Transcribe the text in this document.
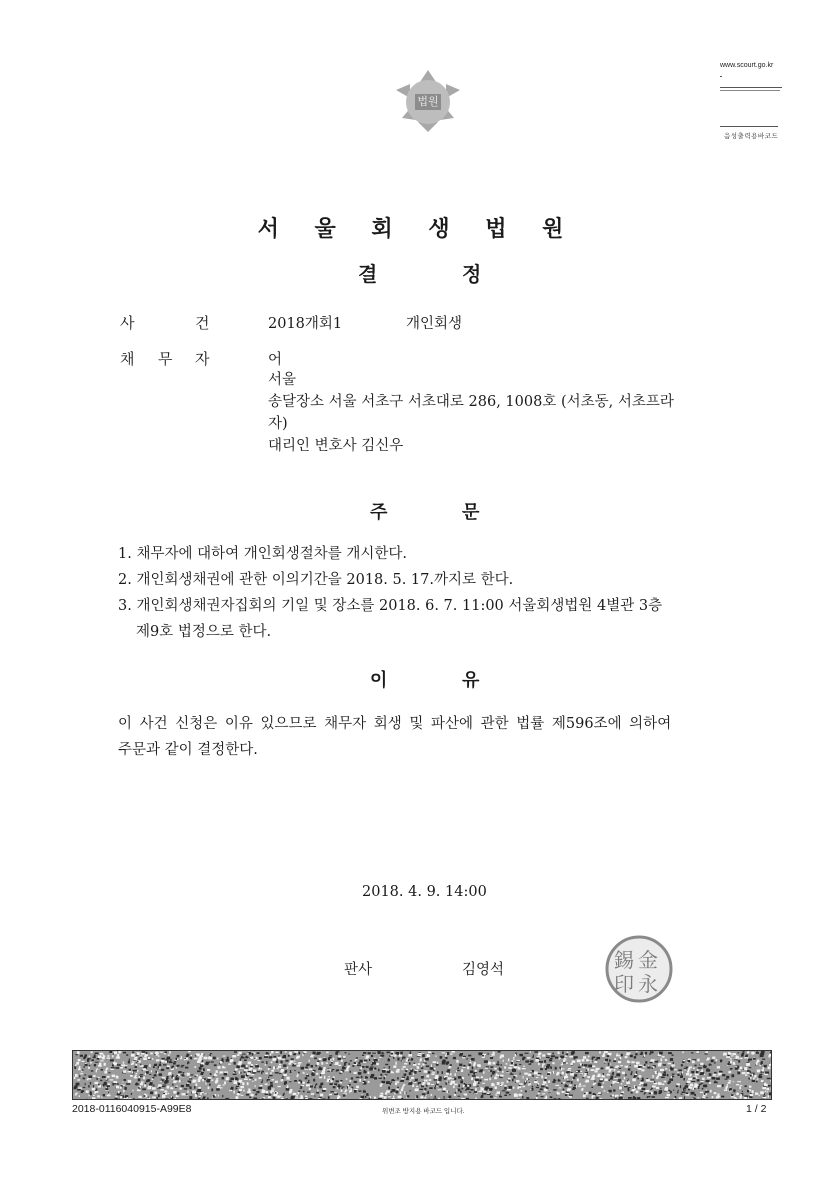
법원
www.scourt.go.kr
음성출력용바코드
서 울 회 생 법 원
결	정
사	건	2018개회1	개인회생
채 무 자	어
서울
송달장소 서울 서초구 서초대로 286, 1008호 (서초동, 서초프라
자)
대리인 변호사 김신우
주	문
1. 채무자에 대하여 개인회생절차를 개시한다.
2. 개인회생채권에 관한 이의기간을 2018. 5. 17.까지로 한다.
3. 개인회생채권자집회의 기일 및 장소를 2018. 6. 7. 11:00 서울회생법원 4별관 3층
제9호 법정으로 한다.
이	유
이 사건 신청은 이유 있으므로 채무자 회생 및 파산에 관한 법률 제596조에 의하여
주문과 같이 결정한다.
2018. 4. 9. 14:00
판사	김영석	金
永
錫
印
2018-0116040915-A99E8	위변조 방지용 바코드 입니다.	1 / 2
